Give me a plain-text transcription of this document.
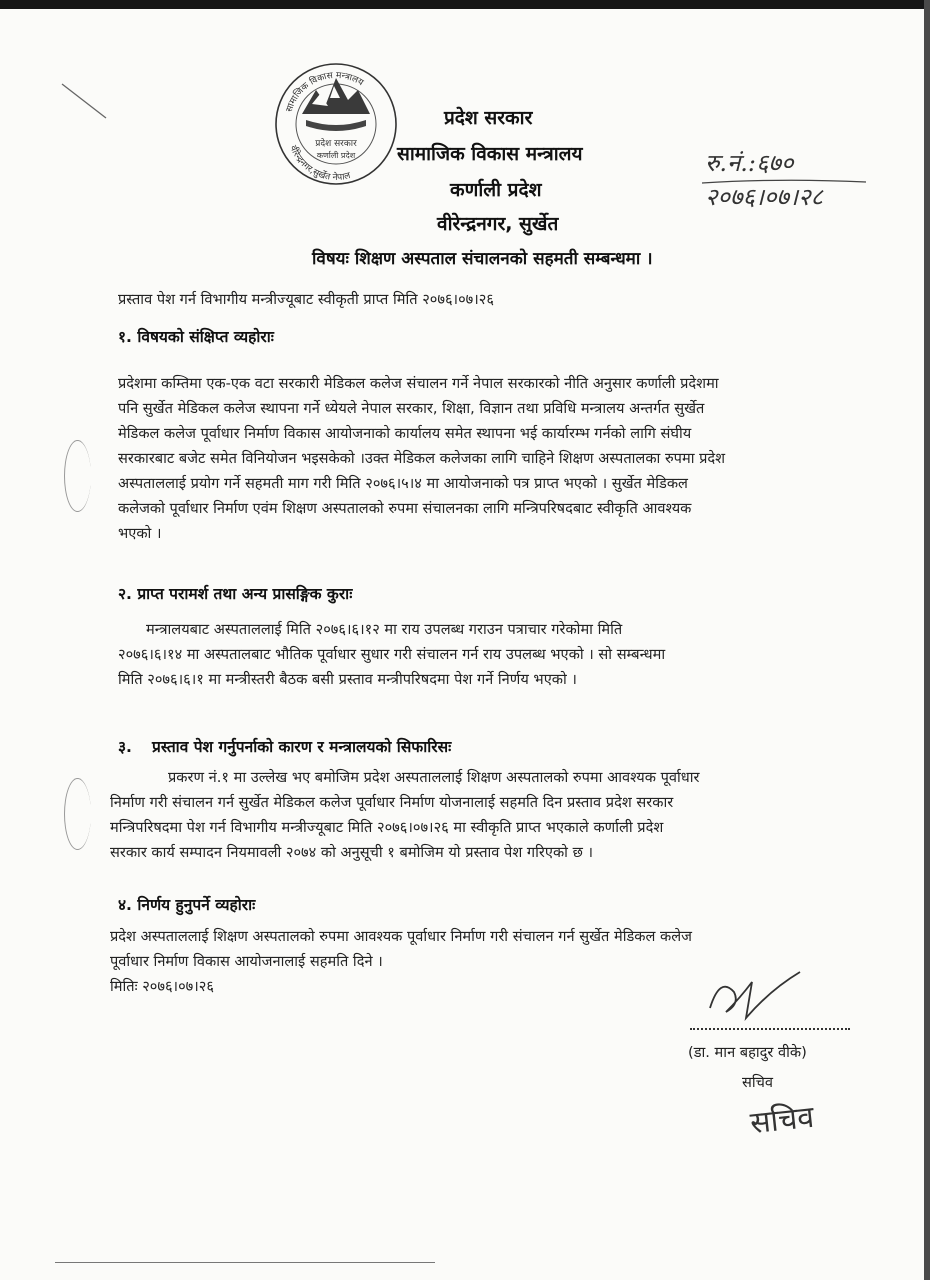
सामाजिक विकास मन्त्रालय
वीरेन्द्रनगर,सुर्खेत नेपाल
प्रदेश सरकार
कर्णाली प्रदेश
प्रदेश सरकार
सामाजिक विकास मन्त्रालय
कर्णाली प्रदेश
वीरेन्द्रनगर, सुर्खेत
रु.नं.:६७०
२०७६।०७।२८
विषयः शिक्षण अस्पताल संचालनको सहमती सम्बन्धमा ।
प्रस्ताव पेश गर्न विभागीय मन्त्रीज्यूबाट स्वीकृती प्राप्त मिति २०७६।०७।२६
१. विषयको संक्षिप्त व्यहोराः
प्रदेशमा कम्तिमा एक-एक वटा सरकारी मेडिकल कलेज संचालन गर्ने नेपाल सरकारको नीति अनुसार कर्णाली प्रदेशमा
पनि सुर्खेत मेडिकल कलेज स्थापना गर्ने ध्येयले नेपाल सरकार, शिक्षा, विज्ञान तथा प्रविधि मन्त्रालय अन्तर्गत सुर्खेत
मेडिकल कलेज पूर्वाधार निर्माण विकास आयोजनाको कार्यालय समेत स्थापना भई कार्यारम्भ गर्नको लागि संघीय
सरकारबाट बजेट समेत विनियोजन भइसकेको ।उक्त मेडिकल कलेजका लागि चाहिने शिक्षण अस्पतालका रुपमा प्रदेश
अस्पताललाई प्रयोग गर्ने सहमती माग गरी मिति २०७६।५।४ मा आयोजनाको पत्र प्राप्त भएको । सुर्खेत मेडिकल
कलेजको पूर्वाधार निर्माण एवंम शिक्षण अस्पतालको रुपमा संचालनका लागि मन्त्रिपरिषदबाट स्वीकृति आवश्यक
भएको ।
२. प्राप्त परामर्श तथा अन्य प्रासङ्गिक कुराः
मन्त्रालयबाट अस्पताललाई मिति २०७६।६।१२ मा राय उपलब्ध गराउन पत्राचार गरेकोमा मिति
२०७६।६।१४ मा अस्पतालबाट भौतिक पूर्वाधार सुधार गरी संचालन गर्न राय उपलब्ध भएको । सो सम्बन्धमा
मिति २०७६।६।१ मा मन्त्रीस्तरी बैठक बसी प्रस्ताव मन्त्रीपरिषदमा पेश गर्ने निर्णय भएको ।
३. प्रस्ताव पेश गर्नुपर्नाको कारण र मन्त्रालयको सिफारिसः
प्रकरण नं.१ मा उल्लेख भए बमोजिम प्रदेश अस्पताललाई शिक्षण अस्पतालको रुपमा आवश्यक पूर्वाधार
निर्माण गरी संचालन गर्न सुर्खेत मेडिकल कलेज पूर्वाधार निर्माण योजनालाई सहमति दिन प्रस्ताव प्रदेश सरकार
मन्त्रिपरिषदमा पेश गर्न विभागीय मन्त्रीज्यूबाट मिति २०७६।०७।२६ मा स्वीकृति प्राप्त भएकाले कर्णाली प्रदेश
सरकार कार्य सम्पादन नियमावली २०७४ को अनुसूची १ बमोजिम यो प्रस्ताव पेश गरिएको छ ।
४. निर्णय हुनुपर्ने व्यहोराः
प्रदेश अस्पताललाई शिक्षण अस्पतालको रुपमा आवश्यक पूर्वाधार निर्माण गरी संचालन गर्न सुर्खेत मेडिकल कलेज
पूर्वाधार निर्माण विकास आयोजनालाई सहमति दिने ।
मितिः २०७६।०७।२६
(डा. मान बहादुर वीके)
सचिव
सचिव
